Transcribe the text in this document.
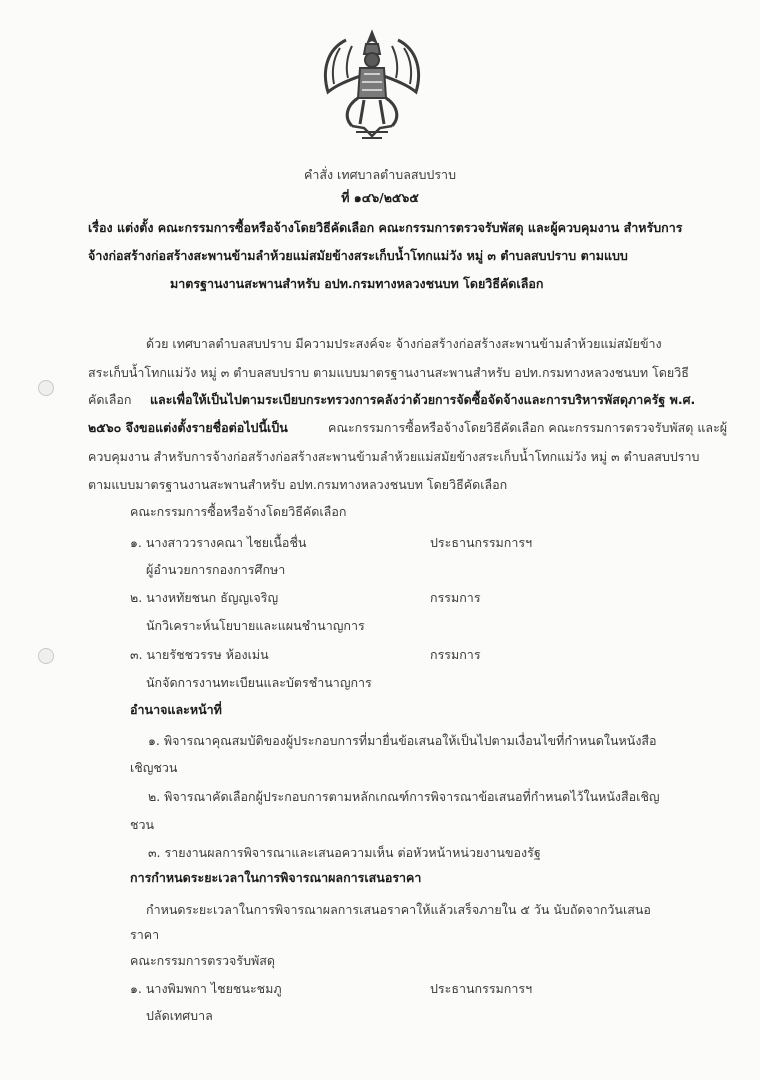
คำสั่ง เทศบาลตำบลสบปราบ
ที่ ๑๔๖/๒๕๖๕
เรื่อง แต่งตั้ง คณะกรรมการซื้อหรือจ้างโดยวิธีคัดเลือก คณะกรรมการตรวจรับพัสดุ และผู้ควบคุมงาน สำหรับการ
จ้างก่อสร้างก่อสร้างสะพานข้ามลำห้วยแม่สมัยข้างสระเก็บน้ำโทกแม่วัง หมู่ ๓ ตำบลสบปราบ ตามแบบ
มาตรฐานงานสะพานสำหรับ อปท.กรมทางหลวงชนบท โดยวิธีคัดเลือก
ด้วย เทศบาลตำบลสบปราบ มีความประสงค์จะ จ้างก่อสร้างก่อสร้างสะพานข้ามลำห้วยแม่สมัยข้าง
สระเก็บน้ำโทกแม่วัง หมู่ ๓ ตำบลสบปราบ ตามแบบมาตรฐานงานสะพานสำหรับ อปท.กรมทางหลวงชนบท โดยวิธี
คัดเลือก และเพื่อให้เป็นไปตามระเบียบกระทรวงการคลังว่าด้วยการจัดซื้อจัดจ้างและการบริหารพัสดุภาครัฐ พ.ศ.
๒๕๖๐ จึงขอแต่งตั้งรายชื่อต่อไปนี้เป็น	คณะกรรมการซื้อหรือจ้างโดยวิธีคัดเลือก คณะกรรมการตรวจรับพัสดุ และผู้
ควบคุมงาน สำหรับการจ้างก่อสร้างก่อสร้างสะพานข้ามลำห้วยแม่สมัยข้างสระเก็บน้ำโทกแม่วัง หมู่ ๓ ตำบลสบปราบ
ตามแบบมาตรฐานงานสะพานสำหรับ อปท.กรมทางหลวงชนบท โดยวิธีคัดเลือก
คณะกรรมการซื้อหรือจ้างโดยวิธีคัดเลือก
๑. นางสาววรางคณา ไชยเนื้อชื่น	ประธานกรรมการฯ
ผู้อำนวยการกองการศึกษา
๒. นางหทัยชนก ธัญญเจริญ	กรรมการ
นักวิเคราะห์นโยบายและแผนชำนาญการ
๓. นายรัชชวรรษ ห้องเม่น	กรรมการ
นักจัดการงานทะเบียนและบัตรชำนาญการ
อำนาจและหน้าที่
๑. พิจารณาคุณสมบัติของผู้ประกอบการที่มายื่นข้อเสนอให้เป็นไปตามเงื่อนไขที่กำหนดในหนังสือ
เชิญชวน
๒. พิจารณาคัดเลือกผู้ประกอบการตามหลักเกณฑ์การพิจารณาข้อเสนอที่กำหนดไว้ในหนังสือเชิญ
ชวน
๓. รายงานผลการพิจารณาและเสนอความเห็น ต่อหัวหน้าหน่วยงานของรัฐ
การกำหนดระยะเวลาในการพิจารณาผลการเสนอราคา
กำหนดระยะเวลาในการพิจารณาผลการเสนอราคาให้แล้วเสร็จภายใน ๕ วัน นับถัดจากวันเสนอ
ราคา
คณะกรรมการตรวจรับพัสดุ
๑. นางพิมพกา ไชยชนะชมภู	ประธานกรรมการฯ
ปลัดเทศบาล
